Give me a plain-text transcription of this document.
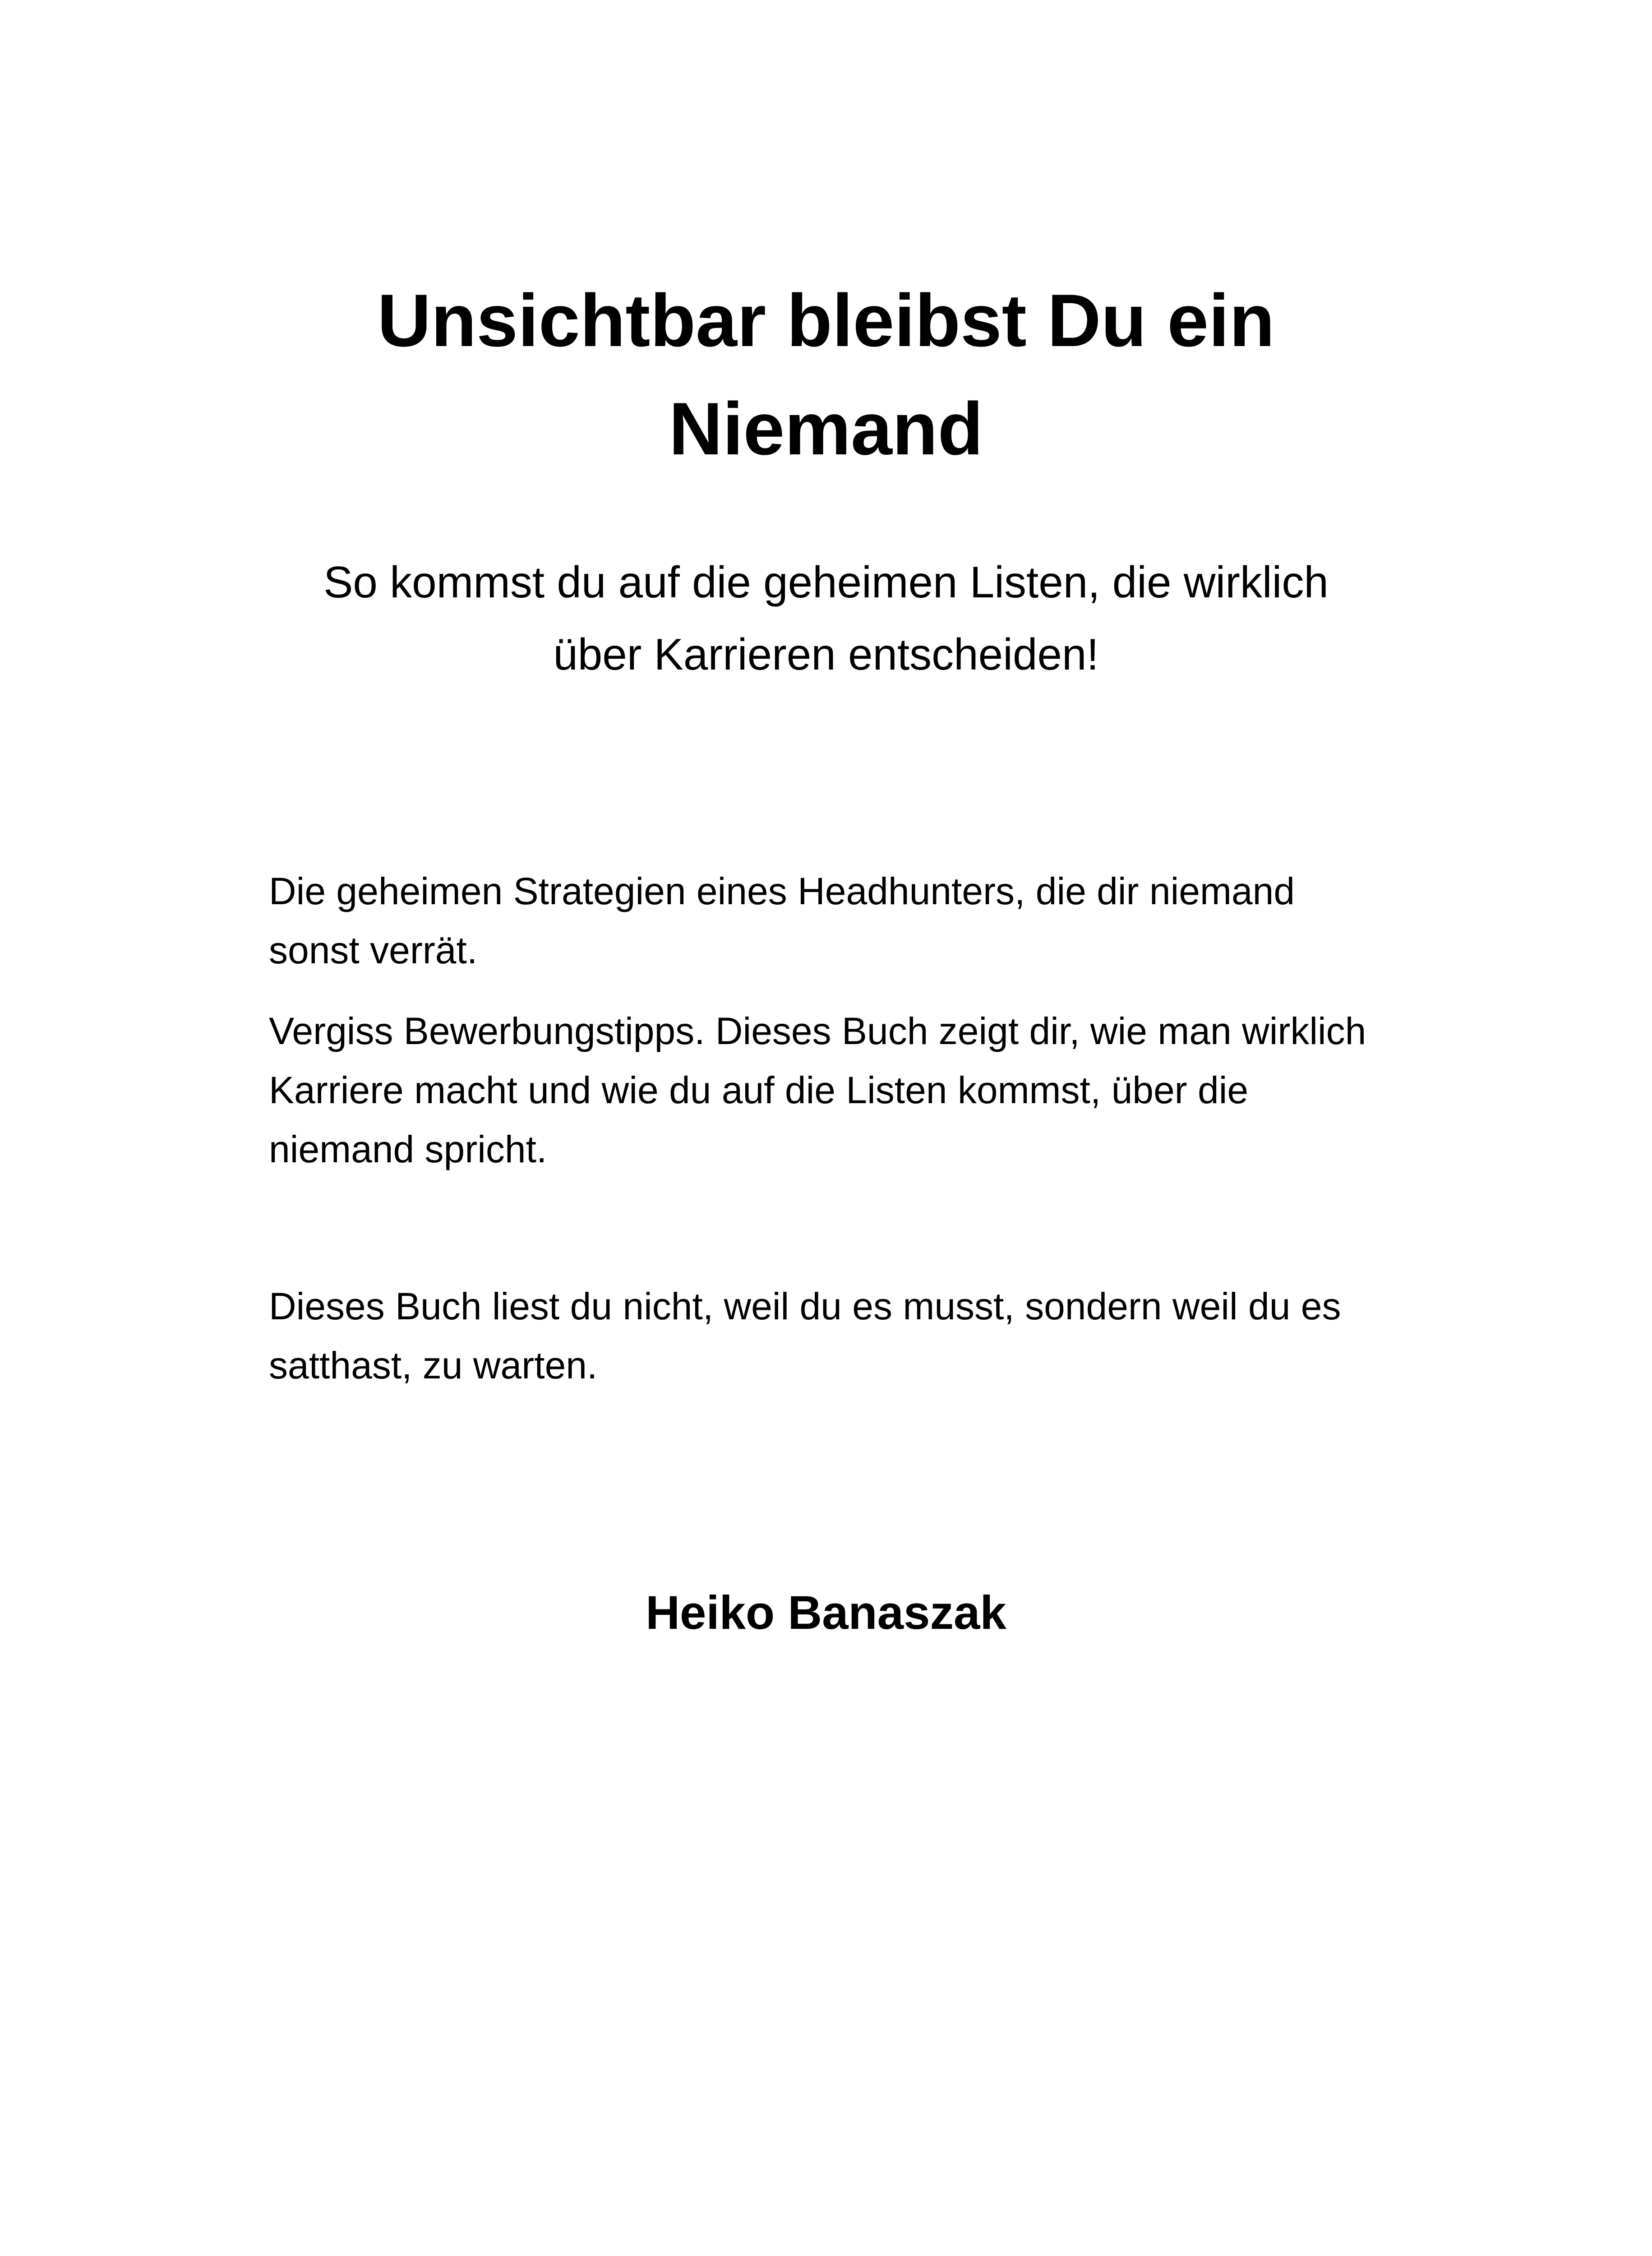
Unsichtbar bleibst Du ein
Niemand
So kommst du auf die geheimen Listen, die wirklich
über Karrieren entscheiden!

Die geheimen Strategien eines Headhunters, die dir niemand
sonst verrät.

Vergiss Bewerbungstipps. Dieses Buch zeigt dir, wie man wirklich
Karriere macht und wie du auf die Listen kommst, über die
niemand spricht.

Dieses Buch liest du nicht, weil du es musst, sondern weil du es
satthast, zu warten.

Heiko Banaszak
